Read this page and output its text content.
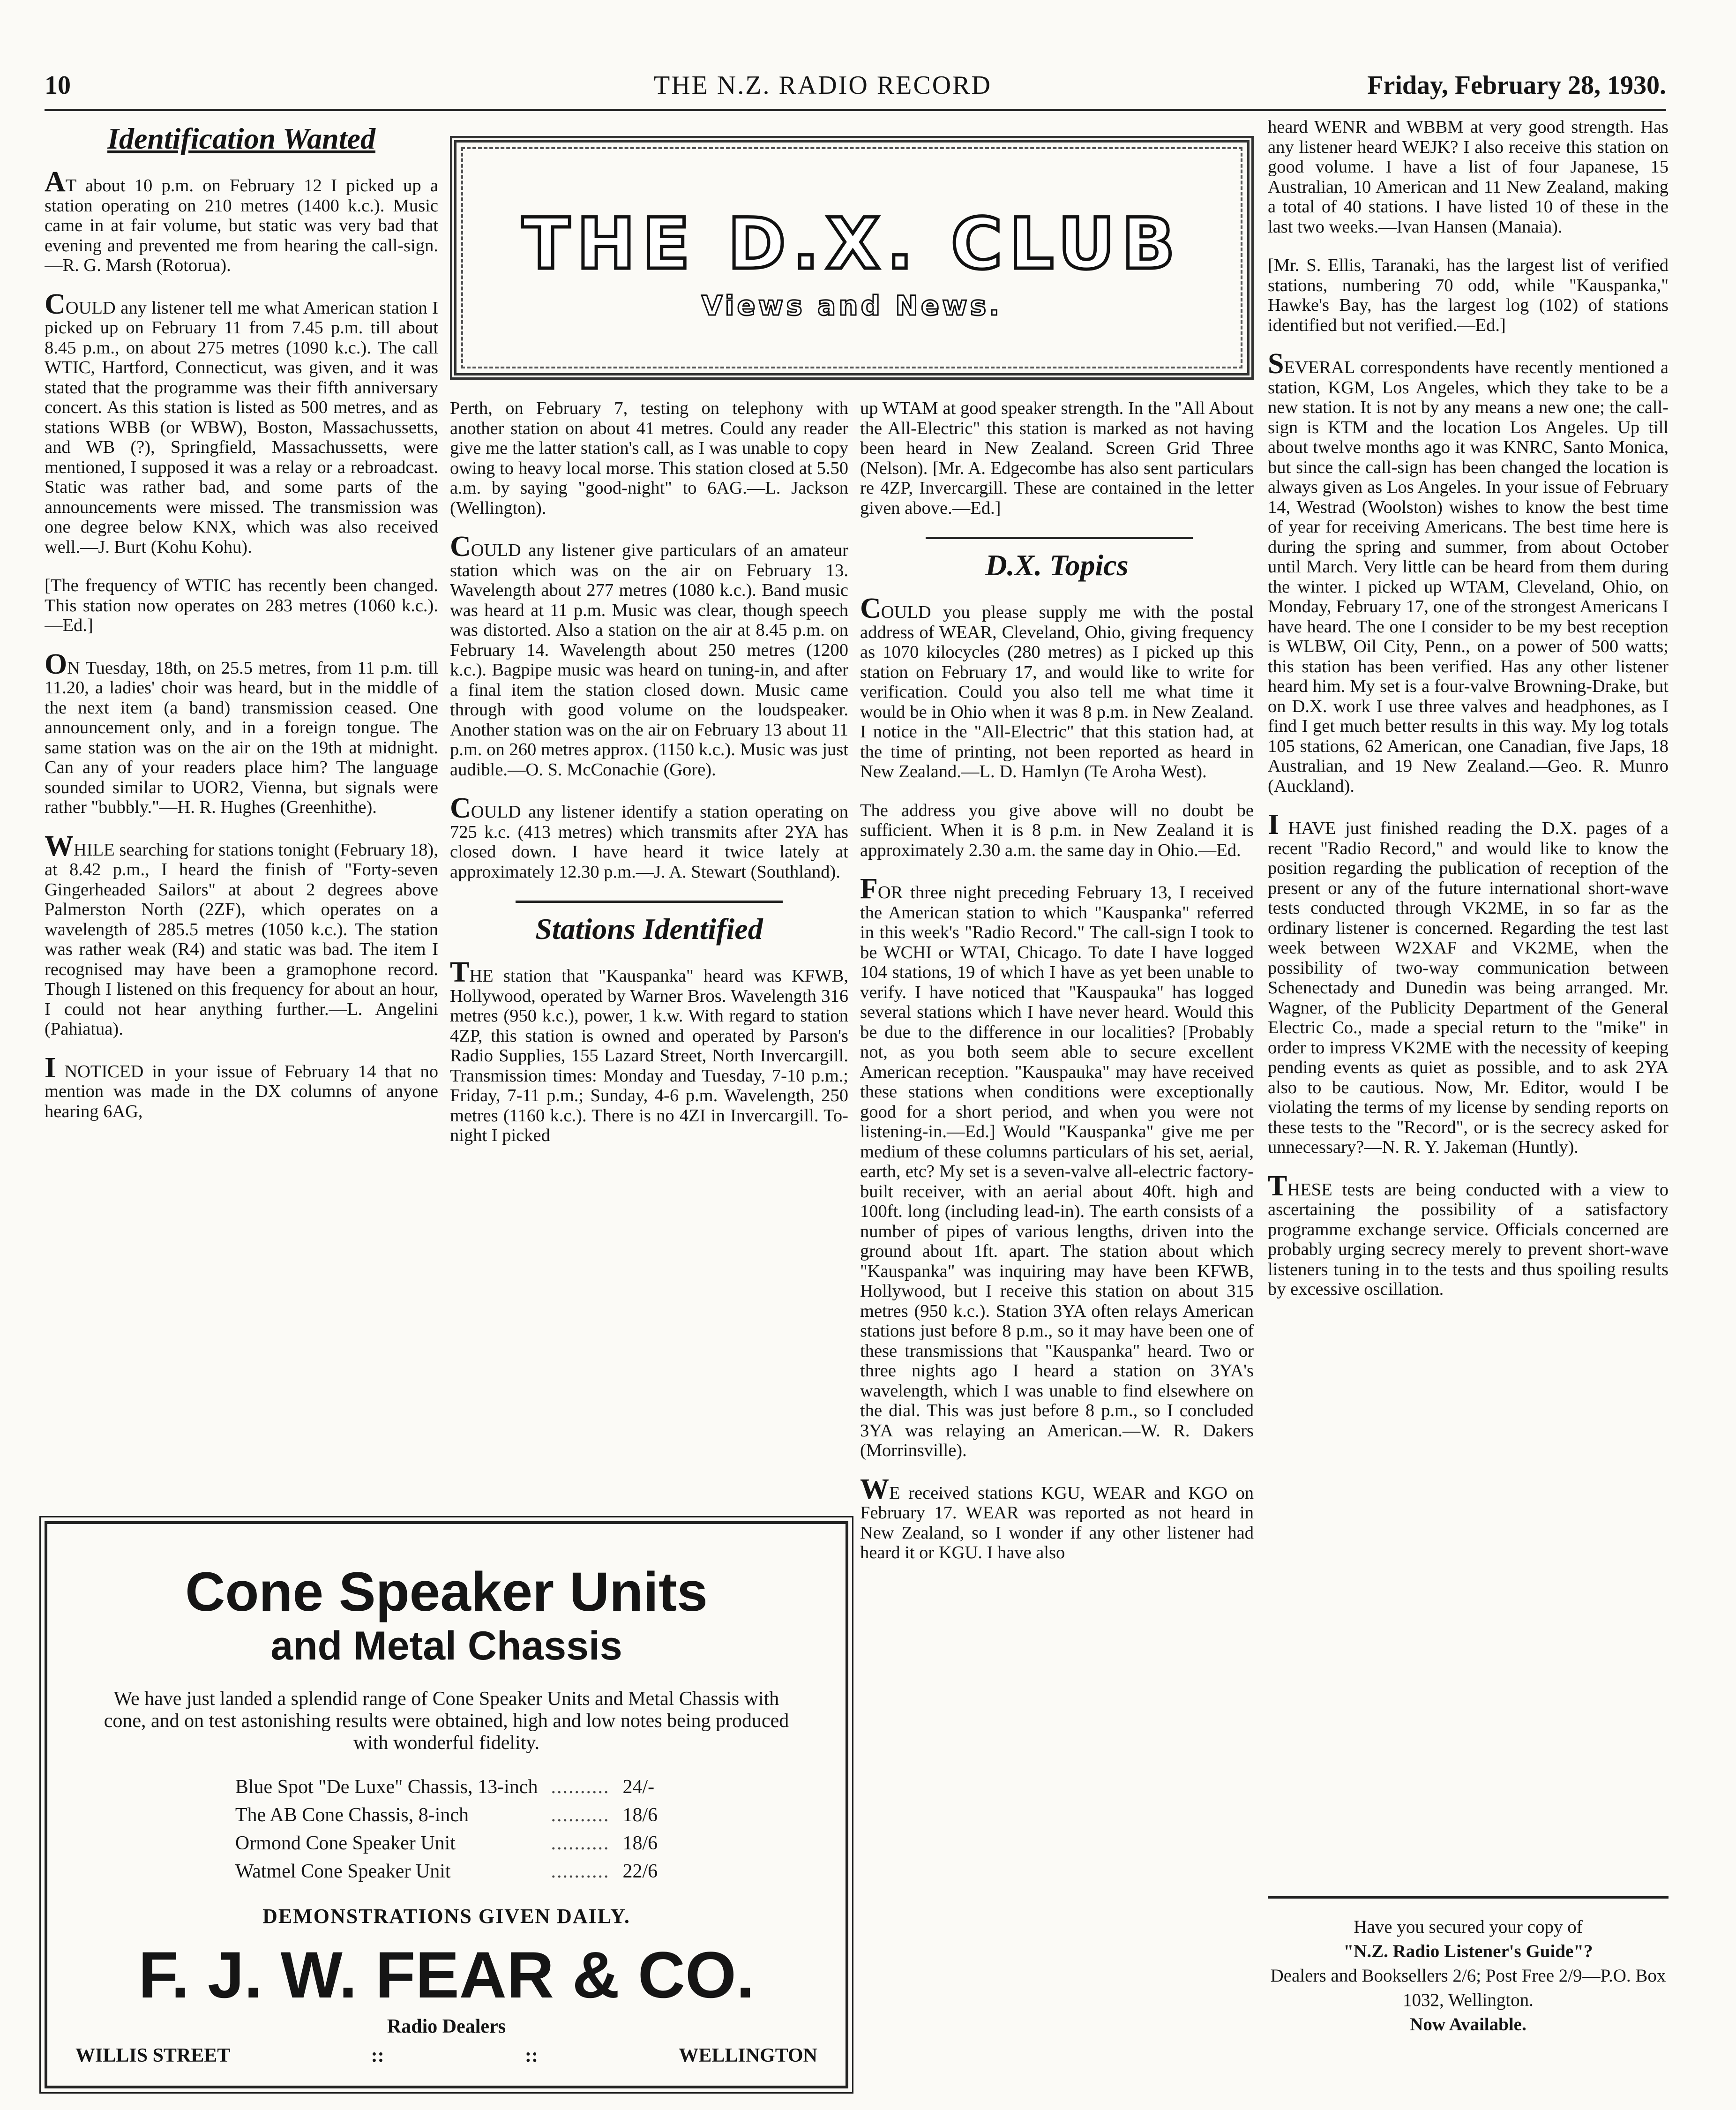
10	THE N.Z. RADIO RECORD	Friday, February 28, 1930.
THE D.X. CLUB
Views and News.
Identification Wanted

AT about 10 p.m. on February 12 I picked up a station operating on 210 metres (1400 k.c.). Music came in at fair volume, but static was very bad that evening and prevented me from hearing the call-sign.—R. G. Marsh (Rotorua).

COULD any listener tell me what American station I picked up on February 11 from 7.45 p.m. till about 8.45 p.m., on about 275 metres (1090 k.c.). The call WTIC, Hartford, Connecticut, was given, and it was stated that the programme was their fifth anniversary concert. As this station is listed as 500 metres, and as stations WBB (or WBW), Boston, Massachussetts, and WB (?), Springfield, Massachussetts, were mentioned, I supposed it was a relay or a rebroadcast. Static was rather bad, and some parts of the announcements were missed. The transmission was one degree below KNX, which was also received well.—J. Burt (Kohu Kohu).

[The frequency of WTIC has recently been changed. This station now operates on 283 metres (1060 k.c.).—Ed.]

ON Tuesday, 18th, on 25.5 metres, from 11 p.m. till 11.20, a ladies' choir was heard, but in the middle of the next item (a band) transmission ceased. One announcement only, and in a foreign tongue. The same station was on the air on the 19th at midnight. Can any of your readers place him? The language sounded similar to UOR2, Vienna, but signals were rather "bubbly."—H. R. Hughes (Greenhithe).

WHILE searching for stations tonight (February 18), at 8.42 p.m., I heard the finish of "Forty-seven Gingerheaded Sailors" at about 2 degrees above Palmerston North (2ZF), which operates on a wavelength of 285.5 metres (1050 k.c.). The station was rather weak (R4) and static was bad. The item I recognised may have been a gramophone record. Though I listened on this frequency for about an hour, I could not hear anything further.—L. Angelini (Pahiatua).

I NOTICED in your issue of February 14 that no mention was made in the DX columns of anyone hearing 6AG,

Perth, on February 7, testing on telephony with another station on about 41 metres. Could any reader give me the latter station's call, as I was unable to copy owing to heavy local morse. This station closed at 5.50 a.m. by saying "good-night" to 6AG.—L. Jackson (Wellington).

COULD any listener give particulars of an amateur station which was on the air on February 13. Wavelength about 277 metres (1080 k.c.). Band music was heard at 11 p.m. Music was clear, though speech was distorted. Also a station on the air at 8.45 p.m. on February 14. Wavelength about 250 metres (1200 k.c.). Bagpipe music was heard on tuning-in, and after a final item the station closed down. Music came through with good volume on the loudspeaker. Another station was on the air on February 13 about 11 p.m. on 260 metres approx. (1150 k.c.). Music was just audible.—O. S. McConachie (Gore).

COULD any listener identify a station operating on 725 k.c. (413 metres) which transmits after 2YA has closed down. I have heard it twice lately at approximately 12.30 p.m.—J. A. Stewart (Southland).

Stations Identified

THE station that "Kauspanka" heard was KFWB, Hollywood, operated by Warner Bros. Wavelength 316 metres (950 k.c.), power, 1 k.w. With regard to station 4ZP, this station is owned and operated by Parson's Radio Supplies, 155 Lazard Street, North Invercargill. Transmission times: Monday and Tuesday, 7-10 p.m.; Friday, 7-11 p.m.; Sunday, 4-6 p.m. Wavelength, 250 metres (1160 k.c.). There is no 4ZI in Invercargill. To-night I picked

up WTAM at good speaker strength. In the "All About the All-Electric" this station is marked as not having been heard in New Zealand. Screen Grid Three (Nelson). [Mr. A. Edgecombe has also sent particulars re 4ZP, Invercargill. These are contained in the letter given above.—Ed.]

D.X. Topics

COULD you please supply me with the postal address of WEAR, Cleveland, Ohio, giving frequency as 1070 kilocycles (280 metres) as I picked up this station on February 17, and would like to write for verification. Could you also tell me what time it would be in Ohio when it was 8 p.m. in New Zealand. I notice in the "All-Electric" that this station had, at the time of printing, not been reported as heard in New Zealand.—L. D. Hamlyn (Te Aroha West).

The address you give above will no doubt be sufficient. When it is 8 p.m. in New Zealand it is approximately 2.30 a.m. the same day in Ohio.—Ed.

FOR three night preceding February 13, I received the American station to which "Kauspanka" referred in this week's "Radio Record." The call-sign I took to be WCHI or WTAI, Chicago. To date I have logged 104 stations, 19 of which I have as yet been unable to verify. I have noticed that "Kauspauka" has logged several stations which I have never heard. Would this be due to the difference in our localities? [Probably not, as you both seem able to secure excellent American reception. "Kauspauka" may have received these stations when conditions were exceptionally good for a short period, and when you were not listening-in.—Ed.] Would "Kauspanka" give me per medium of these columns particulars of his set, aerial, earth, etc? My set is a seven-valve all-electric factory-built receiver, with an aerial about 40ft. high and 100ft. long (including lead-in). The earth consists of a number of pipes of various lengths, driven into the ground about 1ft. apart. The station about which "Kauspanka" was inquiring may have been KFWB, Hollywood, but I receive this station on about 315 metres (950 k.c.). Station 3YA often relays American stations just before 8 p.m., so it may have been one of these transmissions that "Kauspanka" heard. Two or three nights ago I heard a station on 3YA's wavelength, which I was unable to find elsewhere on the dial. This was just before 8 p.m., so I concluded 3YA was relaying an American.—W. R. Dakers (Morrinsville).

WE received stations KGU, WEAR and KGO on February 17. WEAR was reported as not heard in New Zealand, so I wonder if any other listener had heard it or KGU. I have also

heard WENR and WBBM at very good strength. Has any listener heard WEJK? I also receive this station on good volume. I have a list of four Japanese, 15 Australian, 10 American and 11 New Zealand, making a total of 40 stations. I have listed 10 of these in the last two weeks.—Ivan Hansen (Manaia).

[Mr. S. Ellis, Taranaki, has the largest list of verified stations, numbering 70 odd, while "Kauspanka," Hawke's Bay, has the largest log (102) of stations identified but not verified.—Ed.]

SEVERAL correspondents have recently mentioned a station, KGM, Los Angeles, which they take to be a new station. It is not by any means a new one; the call-sign is KTM and the location Los Angeles. Up till about twelve months ago it was KNRC, Santo Monica, but since the call-sign has been changed the location is always given as Los Angeles. In your issue of February 14, Westrad (Woolston) wishes to know the best time of year for receiving Americans. The best time here is during the spring and summer, from about October until March. Very little can be heard from them during the winter. I picked up WTAM, Cleveland, Ohio, on Monday, February 17, one of the strongest Americans I have heard. The one I consider to be my best reception is WLBW, Oil City, Penn., on a power of 500 watts; this station has been verified. Has any other listener heard him. My set is a four-valve Browning-Drake, but on D.X. work I use three valves and headphones, as I find I get much better results in this way. My log totals 105 stations, 62 American, one Canadian, five Japs, 18 Australian, and 19 New Zealand.—Geo. R. Munro (Auckland).

I HAVE just finished reading the D.X. pages of a recent "Radio Record," and would like to know the position regarding the publication of reception of the present or any of the future international short-wave tests conducted through VK2ME, in so far as the ordinary listener is concerned. Regarding the test last week between W2XAF and VK2ME, when the possibility of two-way communication between Schenectady and Dunedin was being arranged. Mr. Wagner, of the Publicity Department of the General Electric Co., made a special return to the "mike" in order to impress VK2ME with the necessity of keeping pending events as quiet as possible, and to ask 2YA also to be cautious. Now, Mr. Editor, would I be violating the terms of my license by sending reports on these tests to the "Record", or is the secrecy asked for unnecessary?—N. R. Y. Jakeman (Huntly).

THESE tests are being conducted with a view to ascertaining the possibility of a satisfactory programme exchange service. Officials concerned are probably urging secrecy merely to prevent short-wave listeners tuning in to the tests and thus spoiling results by excessive oscillation.

Have you secured your copy of
"N.Z. Radio Listener's Guide"?
Dealers and Booksellers 2/6; Post Free 2/9—P.O. Box 1032, Wellington.
Now Available.
Cone Speaker Units
and Metal Chassis
We have just landed a splendid range of Cone Speaker Units and Metal Chassis with cone, and on test astonishing results were obtained, high and low notes being produced with wonderful fidelity.
Blue Spot "De Luxe" Chassis, 13-inch	..........	24/-
The AB Cone Chassis, 8-inch	..........	18/6
Ormond Cone Speaker Unit	..........	18/6
Watmel Cone Speaker Unit	..........	22/6
DEMONSTRATIONS GIVEN DAILY.
F. J. W. FEAR & CO.
Radio Dealers
WILLIS STREET	::	::	WELLINGTON
